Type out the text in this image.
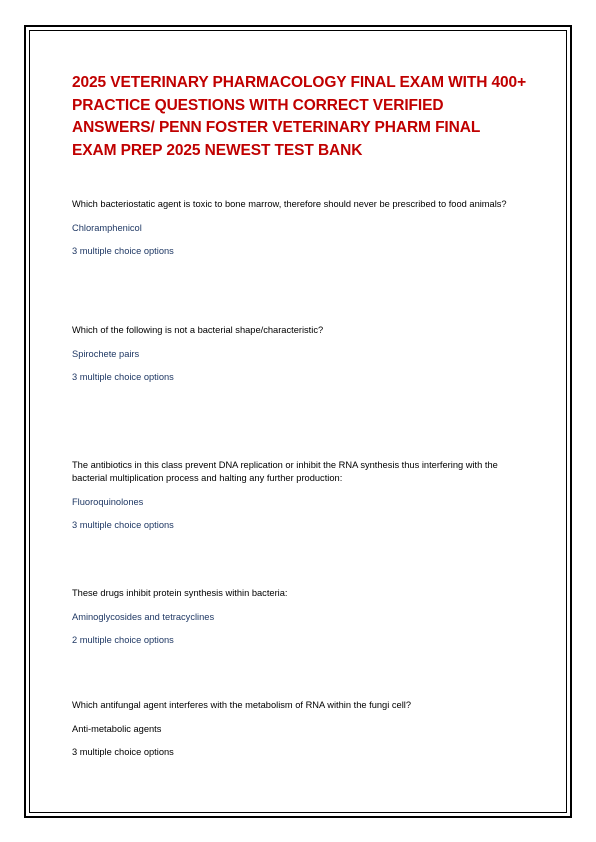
2025 VETERINARY PHARMACOLOGY FINAL EXAM WITH 400+ PRACTICE QUESTIONS WITH CORRECT VERIFIED ANSWERS/ PENN FOSTER VETERINARY PHARM FINAL EXAM PREP 2025 NEWEST TEST BANK

Which bacteriostatic agent is toxic to bone marrow, therefore should never be prescribed to food animals?

Chloramphenicol

3 multiple choice options

Which of the following is not a bacterial shape/characteristic?

Spirochete pairs

3 multiple choice options

The antibiotics in this class prevent DNA replication or inhibit the RNA synthesis thus interfering with the bacterial multiplication process and halting any further production:

Fluoroquinolones

3 multiple choice options

These drugs inhibit protein synthesis within bacteria:

Aminoglycosides and tetracyclines

2 multiple choice options

Which antifungal agent interferes with the metabolism of RNA within the fungi cell?

Anti-metabolic agents

3 multiple choice options
